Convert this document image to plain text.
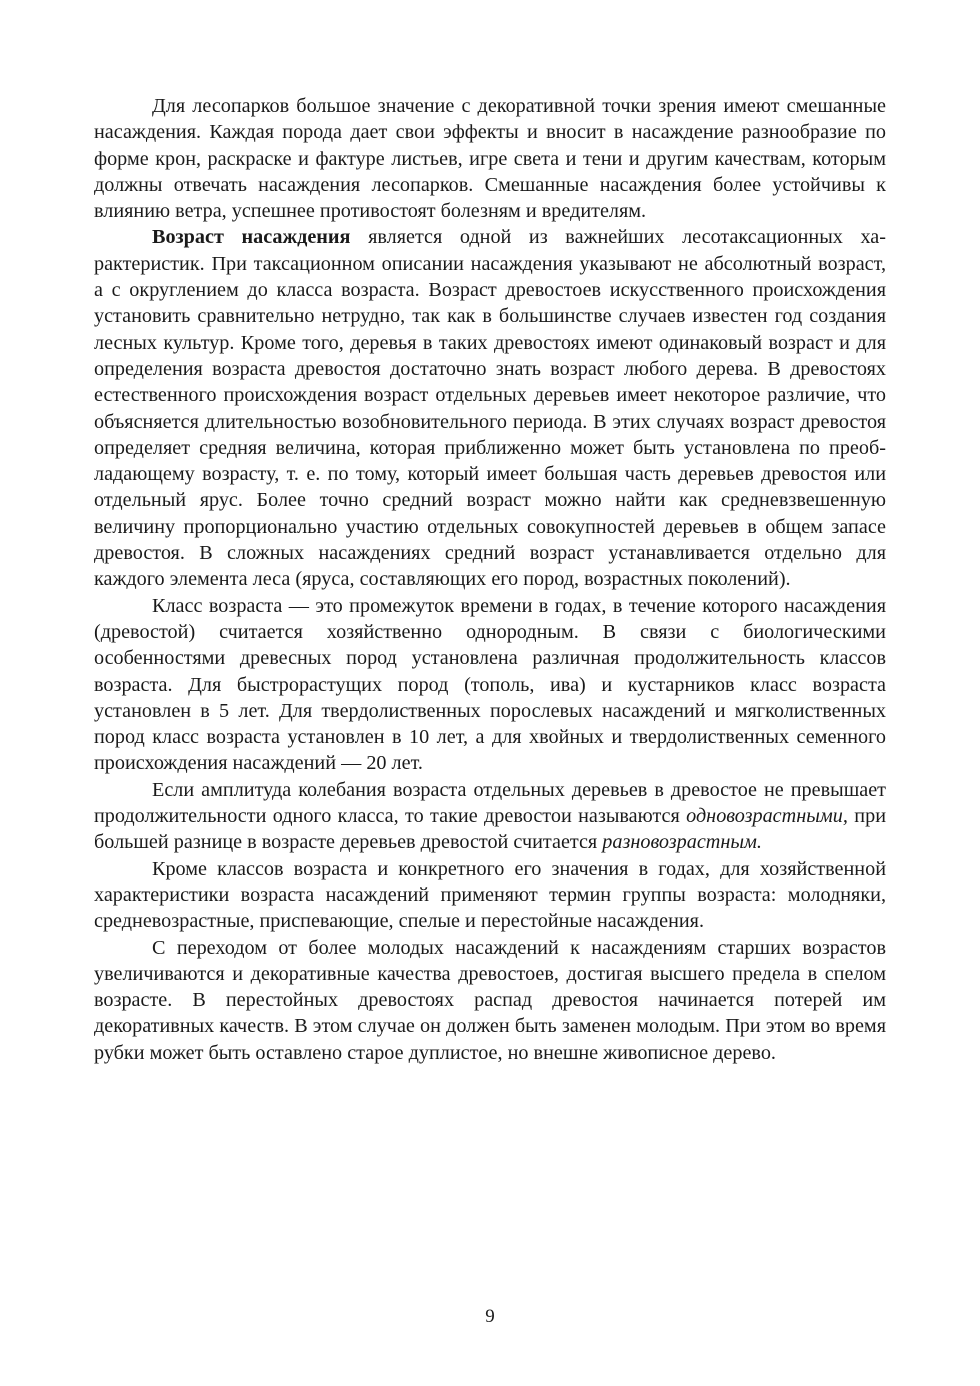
Для лесопарков большое значение с декоративной точки зрения имеют смешанные насаждения. Каждая порода дает свои эффекты и вносит в насаждение разнообразие по форме крон, раскраске и фактуре листьев, игре света и тени и другим качествам, которым должны отвечать насаждения лесопарков. Смешанные насаждения более устойчивы к влиянию ветра, успешнее противостоят болезням и вредителям.

Возраст насаждения является одной из важнейших лесотаксационных характеристик. При таксационном описании насаждения указывают не абсолютный возраст, а с округлением до класса возраста. Возраст древостоев искусственного происхождения установить сравнительно нетрудно, так как в большинстве случаев известен год создания лесных культур. Кроме того, деревья в таких древостоях имеют одинаковый возраст и для определения возраста древостоя достаточно знать возраст любого дерева. В древостоях естественного происхождения возраст отдельных деревьев имеет некоторое различие, что объясняется длительностью возобновительного периода. В этих случаях возраст древостоя определяет средняя величина, которая приближенно может быть установлена по преобладающему возрасту, т. е. по тому, который имеет большая часть деревьев древостоя или отдельный ярус. Более точно средний возраст можно найти как средневзвешенную величину пропорционально участию отдельных совокупностей деревьев в общем запасе древостоя. В сложных насаждениях средний возраст устанавливается отдельно для каждого элемента леса (яруса, составляющих его пород, возрастных поколений).

Класс возраста — это промежуток времени в годах, в течение которого насаждения (древостой) считается хозяйственно однородным. В связи с биологическими особенностями древесных пород установлена различная продолжительность классов возраста. Для быстрорастущих пород (тополь, ива) и кустарников класс возраста установлен в 5 лет. Для твердолиственных порослевых насаждений и мягколиственных пород класс возраста установлен в 10 лет, а для хвойных и твердолиственных семенного происхождения насаждений — 20 лет.

Если амплитуда колебания возраста отдельных деревьев в древостое не превышает продолжительности одного класса, то такие древостои называются одновозрастными, при большей разнице в возрасте деревьев древостой считается разновозрастным.

Кроме классов возраста и конкретного его значения в годах, для хозяйственной характеристики возраста насаждений применяют термин группы возраста: молодняки, средневозрастные, приспевающие, спелые и перестойные насаждения.

С переходом от более молодых насаждений к насаждениям старших возрастов увеличиваются и декоративные качества древостоев, достигая высшего предела в спелом возрасте. В перестойных древостоях распад древостоя начинается потерей им декоративных качеств. В этом случае он должен быть заменен молодым. При этом во время рубки может быть оставлено старое дуплистое, но внешне живописное дерево.

9
